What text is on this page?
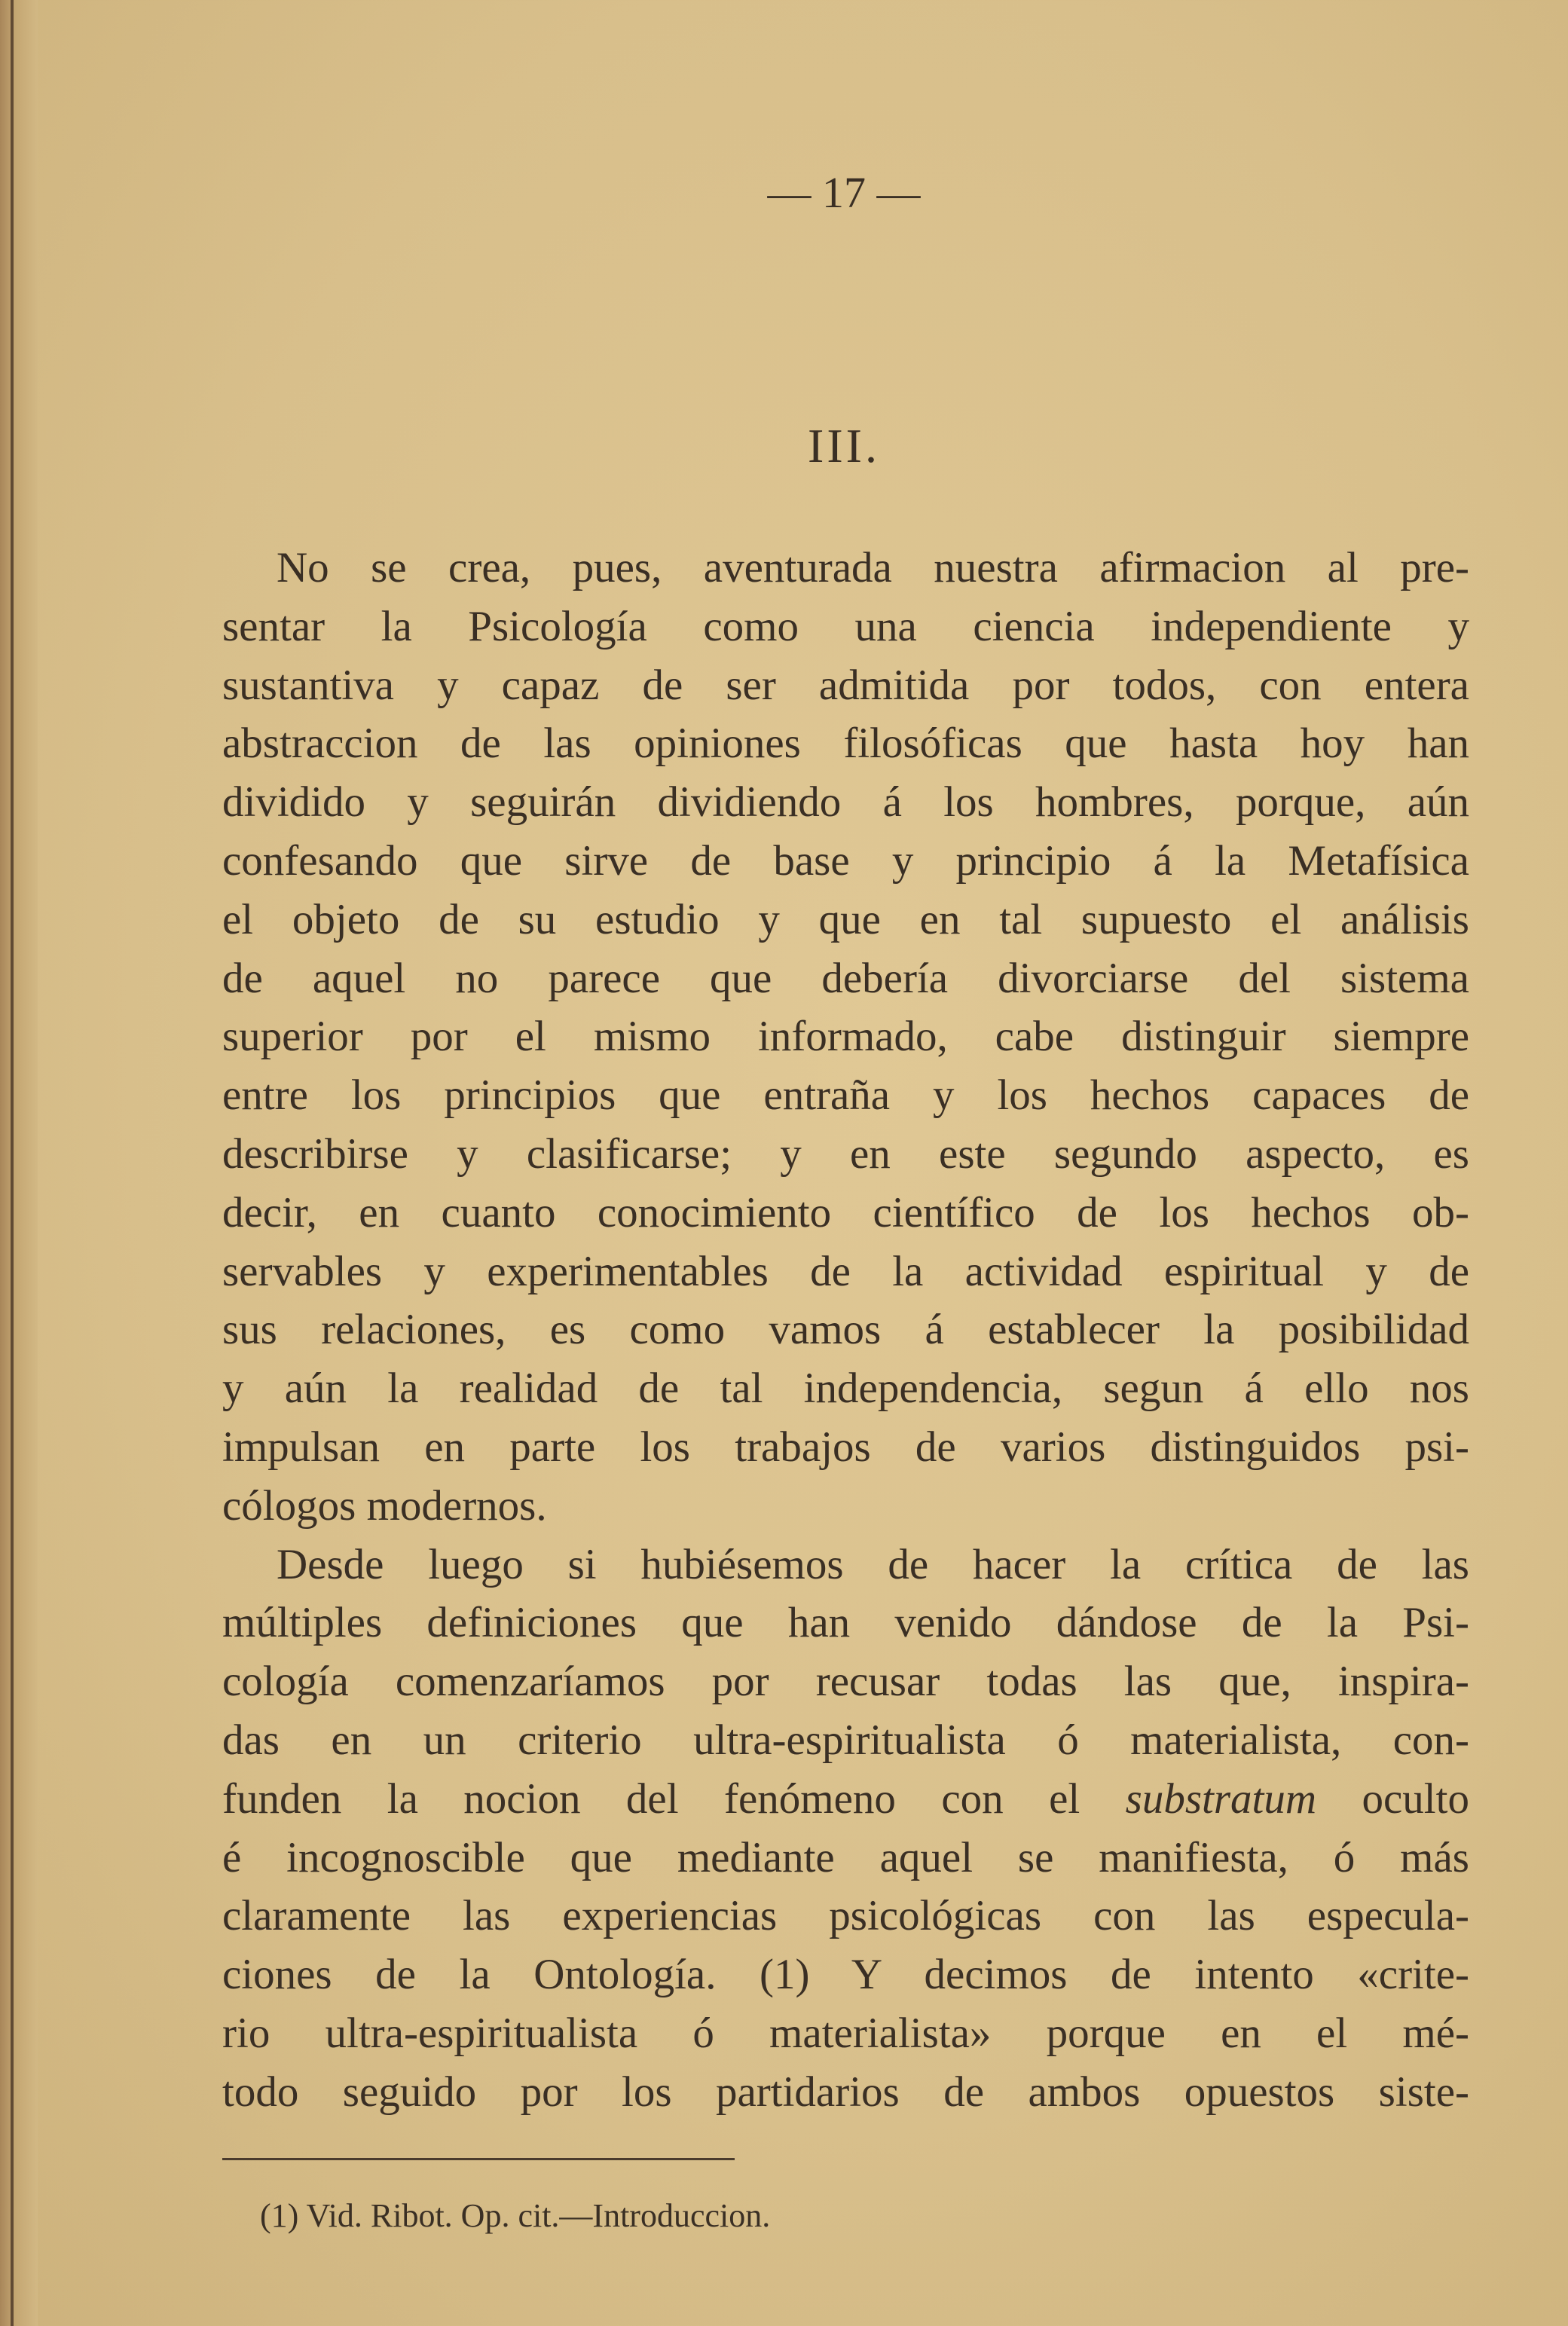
— 17 —
III.
No se crea, pues, aventurada nuestra afirmacion al pre-
sentar la Psicología como una ciencia independiente y
sustantiva y capaz de ser admitida por todos, con entera
abstraccion de las opiniones filosóficas que hasta hoy han
dividido y seguirán dividiendo á los hombres, porque, aún
confesando que sirve de base y principio á la Metafísica
el objeto de su estudio y que en tal supuesto el análisis
de aquel no parece que debería divorciarse del sistema
superior por el mismo informado, cabe distinguir siempre
entre los principios que entraña y los hechos capaces de
describirse y clasificarse; y en este segundo aspecto, es
decir, en cuanto conocimiento científico de los hechos ob-
servables y experimentables de la actividad espiritual y de
sus relaciones, es como vamos á establecer la posibilidad
y aún la realidad de tal independencia, segun á ello nos
impulsan en parte los trabajos de varios distinguidos psi-
cólogos modernos.
Desde luego si hubiésemos de hacer la crítica de las
múltiples definiciones que han venido dándose de la Psi-
cología comenzaríamos por recusar todas las que, inspira-
das en un criterio ultra-espiritualista ó materialista, con-
funden la nocion del fenómeno con el substratum oculto
é incognoscible que mediante aquel se manifiesta, ó más
claramente las experiencias psicológicas con las especula-
ciones de la Ontología. (1) Y decimos de intento «crite-
rio ultra-espiritualista ó materialista» porque en el mé-
todo seguido por los partidarios de ambos opuestos siste-
(1) Vid. Ribot. Op. cit.—Introduccion.
